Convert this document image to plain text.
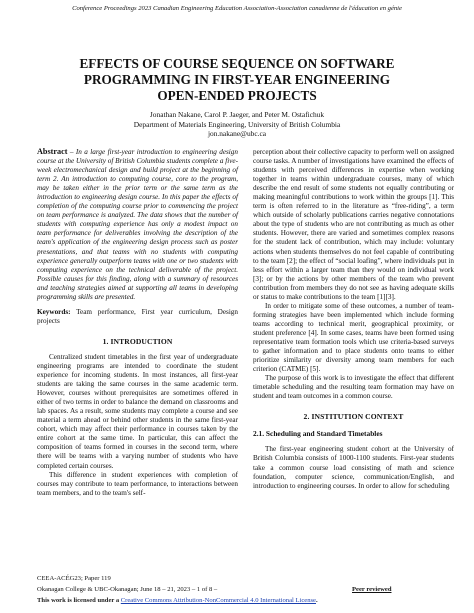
Conference Proceedings 2023 Canadian Engineering Education Association-Association canadienne de l'éducation en génie
EFFECTS OF COURSE SEQUENCE ON SOFTWARE
PROGRAMMING IN FIRST-YEAR ENGINEERING
OPEN-ENDED PROJECTS
Jonathan Nakane, Carol P. Jaeger, and Peter M. Ostafichuk
Department of Materials Engineering, University of British Columbia
jon.nakane@ubc.ca

Abstract – In a large first-year introduction to engineering design course at the University of British Columbia students complete a five-week electromechanical design and build project at the beginning of term 2. An introduction to computing course, core to the program, may be taken either in the prior term or the same term as the introduction to engineering design course. In this paper the effects of completion of the computing course prior to commencing the project on team performance is analyzed. The data shows that the number of students with computing experience has only a modest impact on team performance for deliverables involving the description of the team's application of the engineering design process such as poster presentations, and that teams with no students with computing experience generally outperform teams with one or two students with computing experience on the technical deliverable of the project. Possible causes for this finding, along with a summary of resources and teaching strategies aimed at supporting all teams in developing programming skills are presented.

Keywords: Team performance, First year curriculum, Design projects

1. INTRODUCTION

Centralized student timetables in the first year of undergraduate engineering programs are intended to coordinate the student experience for incoming students. In most instances, all first-year students are taking the same courses in the same academic term. However, courses without prerequisites are sometimes offered in either of two terms in order to balance the demand on classrooms and lab spaces. As a result, some students may complete a course and see material a term ahead or behind other students in the same first-year cohort, which may affect their performance in courses taken by the entire cohort at the same time. In particular, this can affect the composition of teams formed in courses in the second term, where there will be teams with a varying number of students who have completed certain courses.

This difference in student experiences with completion of courses may contribute to team performance, to interactions between team members, and to the team's self-

perception about their collective capacity to perform well on assigned course tasks. A number of investigations have examined the effects of students with perceived differences in expertise when working together in teams within undergraduate courses, many of which describe the end result of some students not equally contributing or making meaningful contributions to work within the groups [1]. This term is often referred to in the literature as “free-riding”, a term which outside of scholarly publications carries negative connotations about the type of students who are not contributing as much as other students. However, there are varied and sometimes complex reasons for the student lack of contribution, which may include: voluntary actions when students themselves do not feel capable of contributing to the team [2]; the effect of “social loafing”, where individuals put in less effort within a larger team than they would on individual work [3]; or by the actions by other members of the team who prevent contribution from members they do not see as having adequate skills or status to make contributions to the team [1][3].

In order to mitigate some of these outcomes, a number of team-forming strategies have been implemented which include forming teams according to technical merit, geographical proximity, or student preference [4]. In some cases, teams have been formed using representative team formation tools which use criteria-based surveys to gather information and to place students onto teams to either prioritize similarity or diversity among team members for each criterion (CATME) [5].

The purpose of this work is to investigate the effect that different timetable scheduling and the resulting team formation may have on student and team outcomes in a common course.

2. INSTITUTION CONTEXT
2.1. Scheduling and Standard Timetables

The first-year engineering student cohort at the University of British Columbia consists of 1000-1100 students. First-year students take a common course load consisting of math and science foundation, computer science, communication/English, and introduction to engineering courses. In order to allow for scheduling

CEEA-ACÉG23; Paper 119
Okanagan College & UBC-Okanagan; June 18 – 21, 2023 – 1 of 8 –	Peer reviewed
This work is licensed under a Creative Commons Attribution-NonCommercial 4.0 International License.
